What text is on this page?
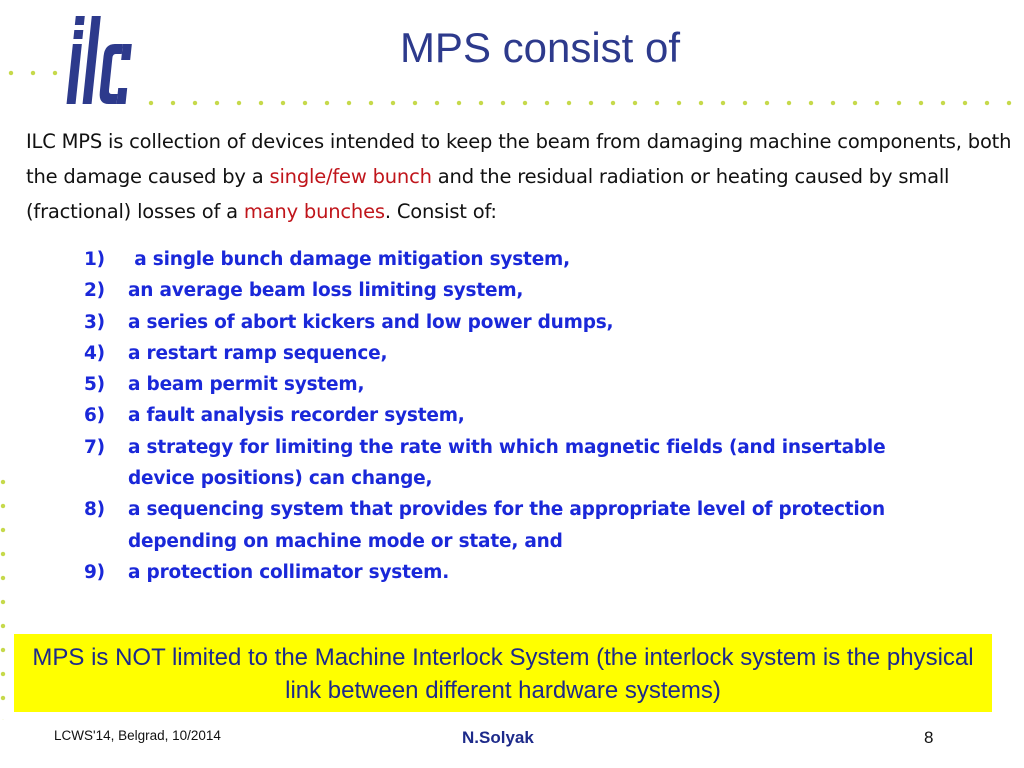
MPS consist of
ILC MPS is collection of devices intended to keep the beam from damaging machine components, both the damage caused by a single/few bunch and the residual radiation or heating caused by small (fractional) losses of a many bunches. Consist of:
1)	a single bunch damage mitigation system,
2)	an average beam loss limiting system,
3)	a series of abort kickers and low power dumps,
4)	a restart ramp sequence,
5)	a beam permit system,
6)	a fault analysis recorder system,
7)	a strategy for limiting the rate with which magnetic fields (and insertable device positions) can change,
8)	a sequencing system that provides for the appropriate level of protection depending on machine mode or state, and
9)	a protection collimator system.
MPS is NOT limited to the Machine Interlock System (the interlock system is the physical link between different hardware systems)
LCWS'14, Belgrad, 10/2014	N.Solyak	8
